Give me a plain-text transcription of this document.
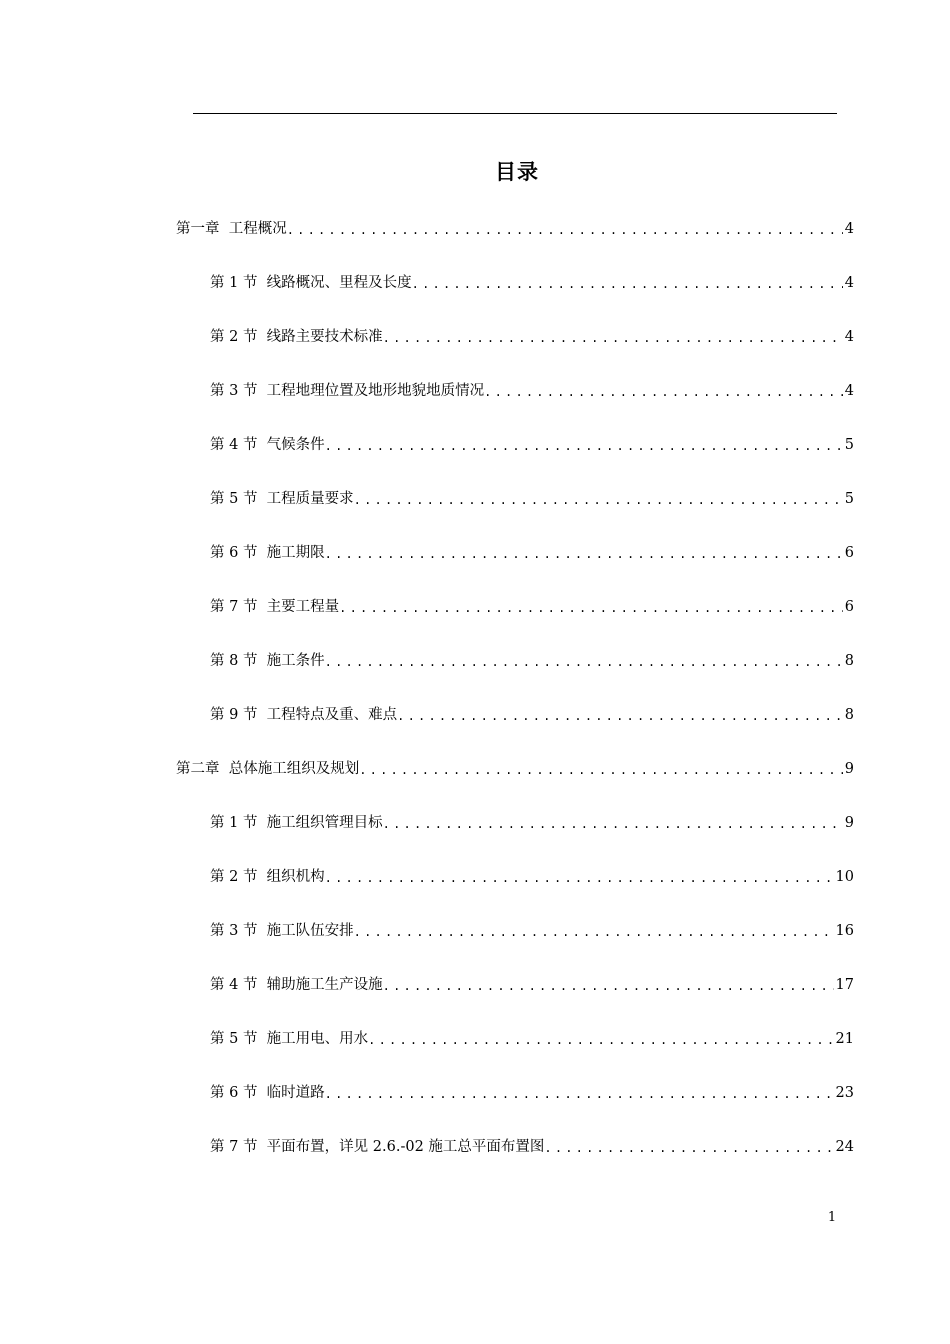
目录
第一章  工程概况 .....	4
第 1 节  线路概况、里程及长度 .....	4
第 2 节  线路主要技术标准 .....	4
第 3 节  工程地理位置及地形地貌地质情况 .....	4
第 4 节  气候条件 .....	5
第 5 节  工程质量要求 .....	5
第 6 节  施工期限 .....	6
第 7 节  主要工程量 .....	6
第 8 节  施工条件 .....	8
第 9 节  工程特点及重、难点 .....	8
第二章  总体施工组织及规划 .....	9
第 1 节  施工组织管理目标 .....	9
第 2 节  组织机构 .....	10
第 3 节  施工队伍安排 .....	16
第 4 节  辅助施工生产设施 .....	17
第 5 节  施工用电、用水 .....	21
第 6 节  临时道路 .....	23
第 7 节  平面布置，详见 2.6.-02 施工总平面布置图 .....	24
1
